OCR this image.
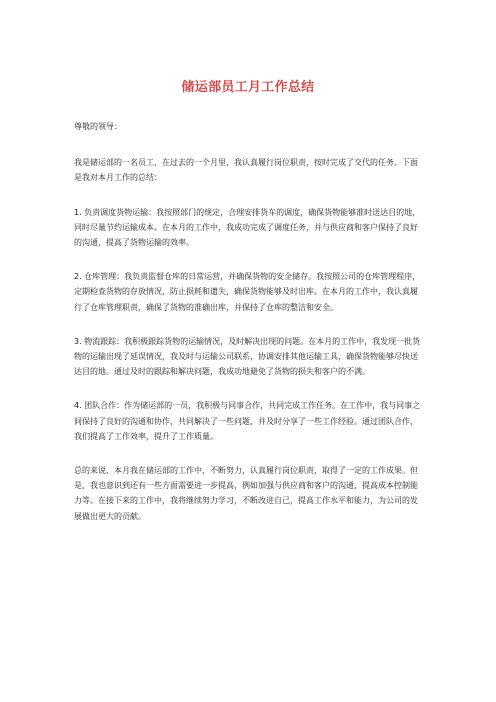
储运部员工月工作总结

尊敬的领导：

我是储运部的一名员工，在过去的一个月里，我认真履行岗位职责，按时完成了交代的任务。下面是我对本月工作的总结：

1. 负责调度货物运输：我按照部门的规定，合理安排货车的调度，确保货物能够准时送达目的地，同时尽量节约运输成本。在本月的工作中，我成功完成了调度任务，并与供应商和客户保持了良好的沟通，提高了货物运输的效率。

2. 仓库管理：我负责监督仓库的日常运营，并确保货物的安全储存。我按照公司的仓库管理程序，定期检查货物的存放情况，防止损耗和遗失，确保货物能够及时出库。在本月的工作中，我认真履行了仓库管理职责，确保了货物的准确出库，并保持了仓库的整洁和安全。

3. 物流跟踪：我积极跟踪货物的运输情况，及时解决出现的问题。在本月的工作中，我发现一批货物的运输出现了延误情况，我及时与运输公司联系，协调安排其他运输工具，确保货物能够尽快送达目的地。通过及时的跟踪和解决问题，我成功地避免了货物的损失和客户的不满。

4. 团队合作：作为储运部的一员，我积极与同事合作，共同完成工作任务。在工作中，我与同事之间保持了良好的沟通和协作，共同解决了一些问题，并及时分享了一些工作经验。通过团队合作，我们提高了工作效率，提升了工作质量。

总的来说，本月我在储运部的工作中，不断努力，认真履行岗位职责，取得了一定的工作成果。但是，我也意识到还有一些方面需要进一步提高，例如加强与供应商和客户的沟通，提高成本控制能力等。在接下来的工作中，我将继续努力学习，不断改进自己，提高工作水平和能力，为公司的发展做出更大的贡献。
